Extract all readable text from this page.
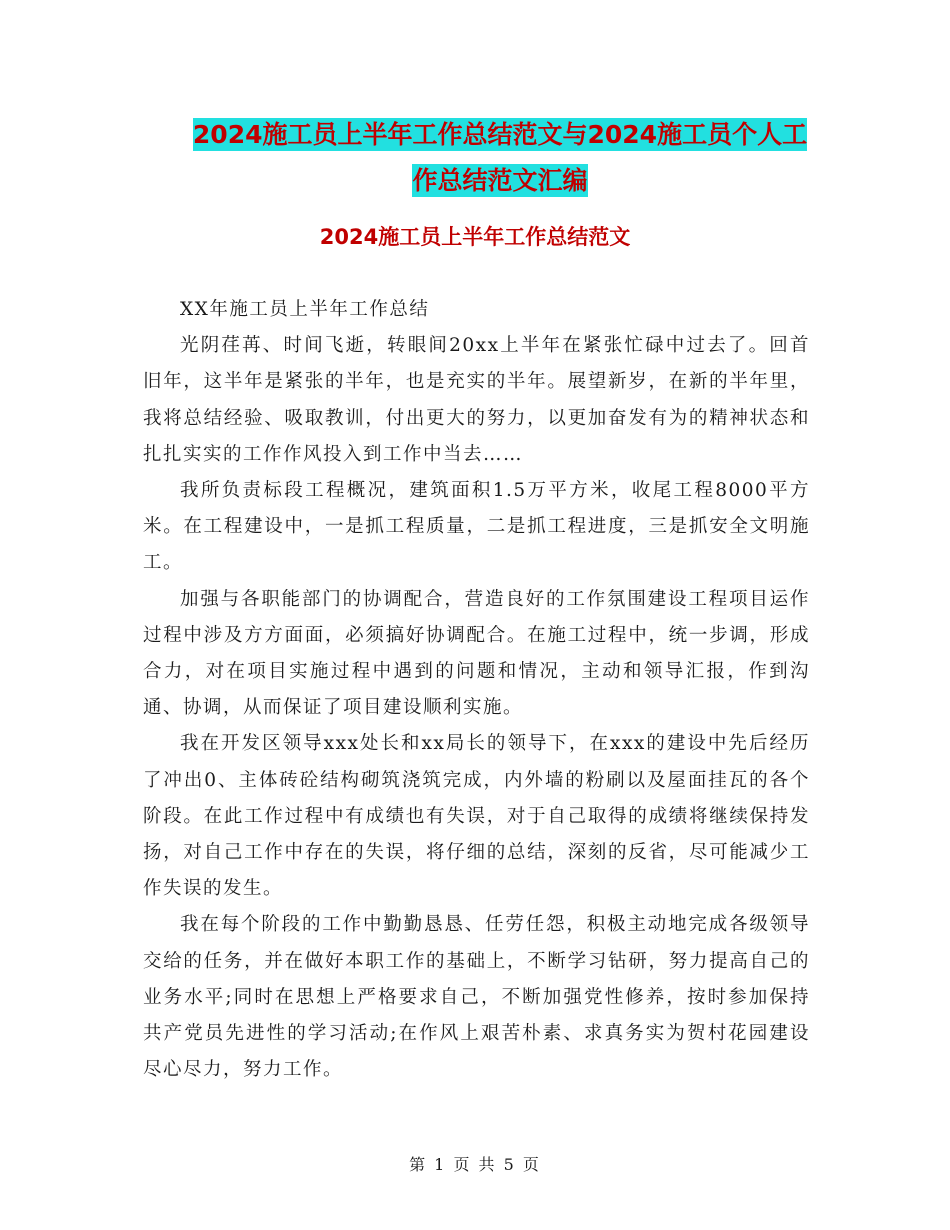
2024施工员上半年工作总结范文与2024施工员个人工
作总结范文汇编
2024施工员上半年工作总结范文

XX年施工员上半年工作总结

光阴荏苒、时间飞逝，转眼间20xx上半年在紧张忙碌中过去了。回首旧年，这半年是紧张的半年，也是充实的半年。展望新岁，在新的半年里，我将总结经验、吸取教训，付出更大的努力，以更加奋发有为的精神状态和扎扎实实的工作作风投入到工作中当去……

我所负责标段工程概况，建筑面积1.5万平方米，收尾工程8000平方米。在工程建设中，一是抓工程质量，二是抓工程进度，三是抓安全文明施工。

加强与各职能部门的协调配合，营造良好的工作氛围建设工程项目运作过程中涉及方方面面，必须搞好协调配合。在施工过程中，统一步调，形成合力，对在项目实施过程中遇到的问题和情况，主动和领导汇报，作到沟通、协调，从而保证了项目建设顺利实施。

我在开发区领导xxx处长和xx局长的领导下，在xxx的建设中先后经历了冲出0、主体砖砼结构砌筑浇筑完成，内外墙的粉刷以及屋面挂瓦的各个阶段。在此工作过程中有成绩也有失误，对于自己取得的成绩将继续保持发扬，对自己工作中存在的失误，将仔细的总结，深刻的反省，尽可能减少工作失误的发生。

我在每个阶段的工作中勤勤恳恳、任劳任怨，积极主动地完成各级领导交给的任务，并在做好本职工作的基础上，不断学习钻研，努力提高自己的业务水平;同时在思想上严格要求自己，不断加强党性修养，按时参加保持共产党员先进性的学习活动;在作风上艰苦朴素、求真务实为贺村花园建设尽心尽力，努力工作。

第 1 页 共 5 页
